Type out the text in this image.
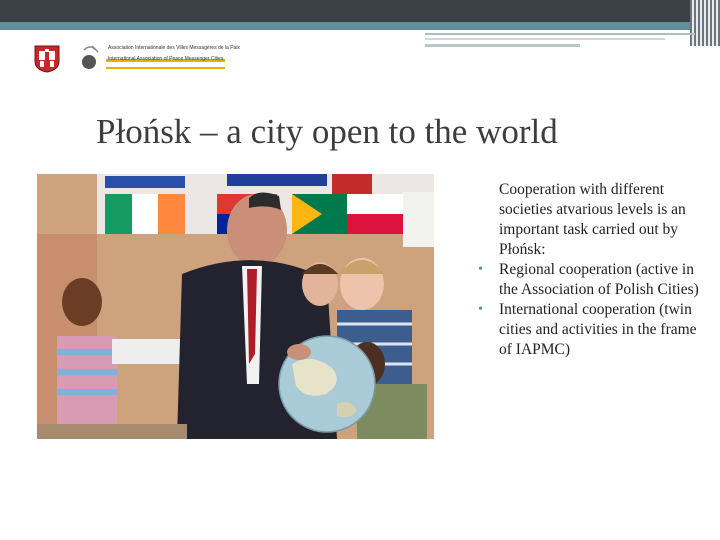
Association Internationale des Villes Messagères de la Paix
International Association of Peace Messenger Cities
Płońsk – a city open to the world
Cooperation with different societies atvarious levels is an important task carried out by Płońsk:
• Regional cooperation (active in the Association of Polish Cities)
• International cooperation (twin cities and activities in the frame of IAPMC)
